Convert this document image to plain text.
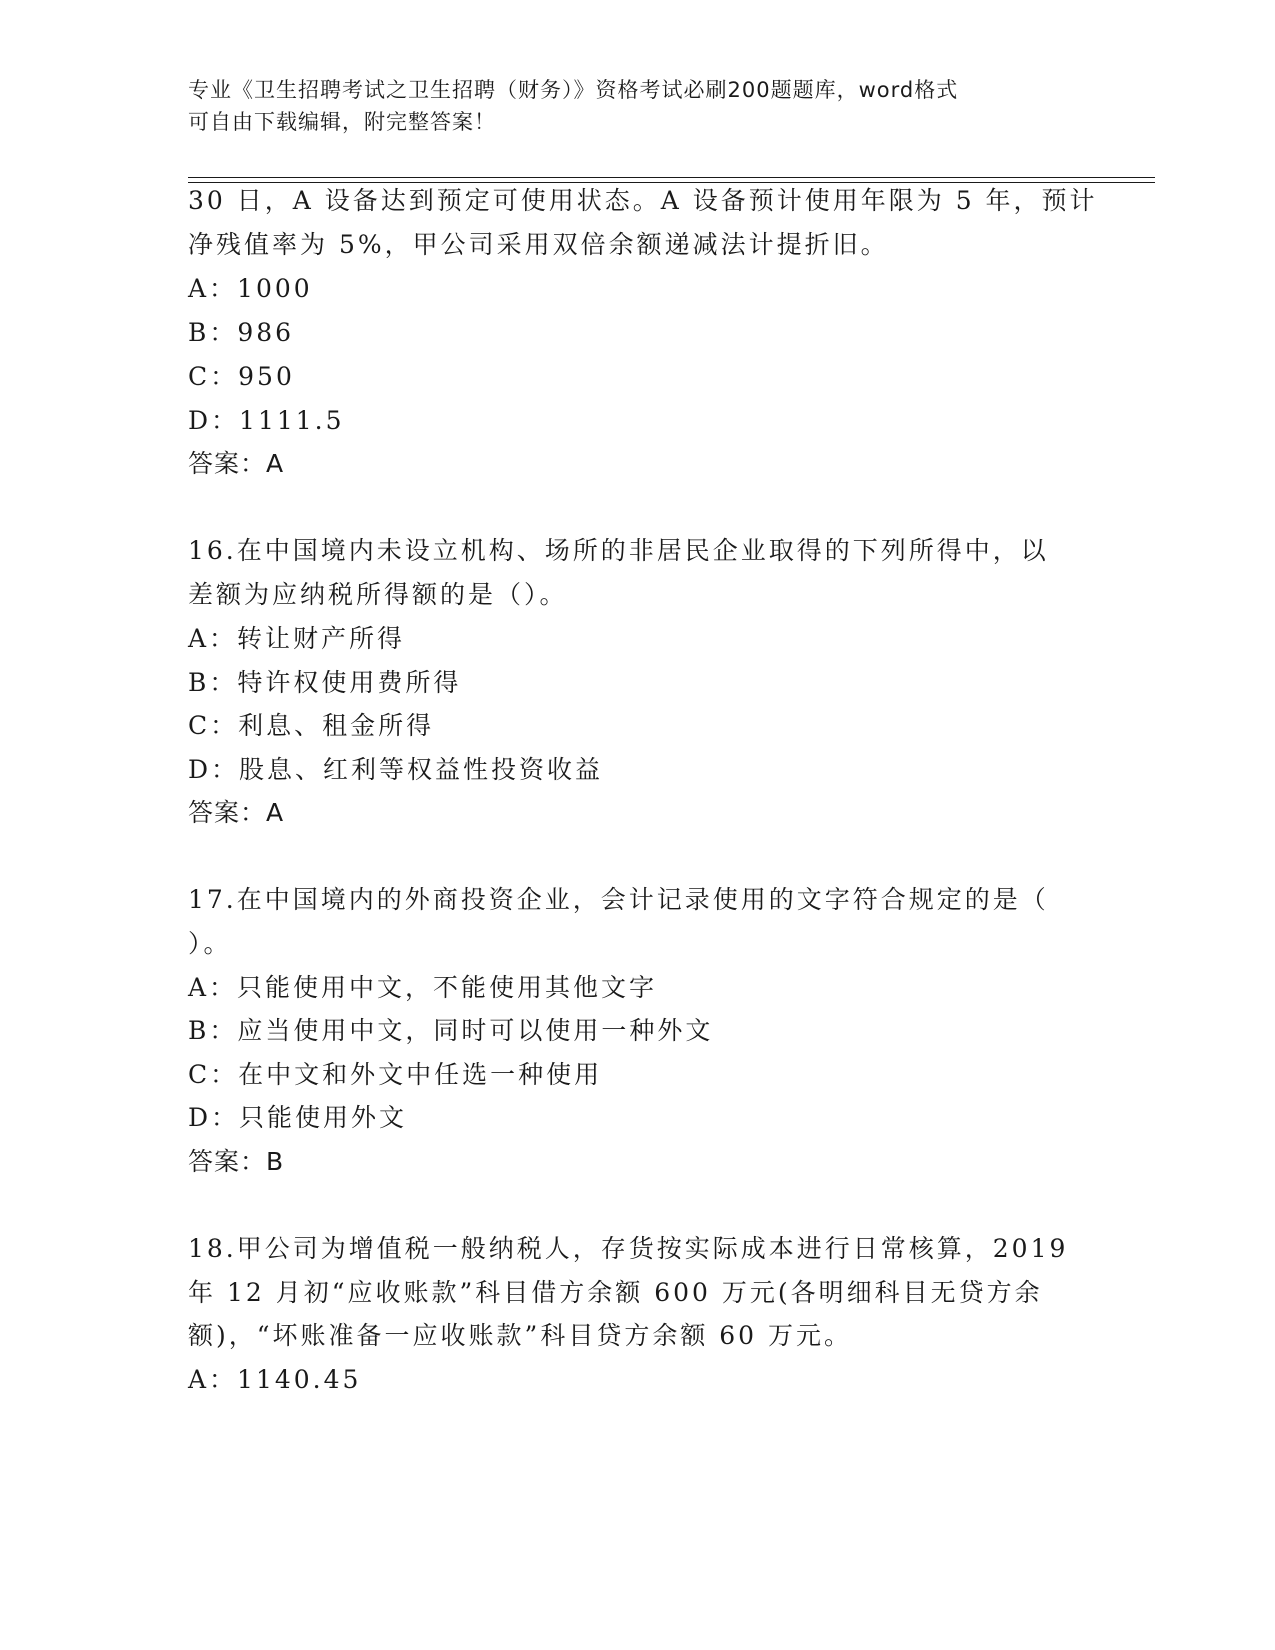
专业《卫生招聘考试之卫生招聘（财务）》资格考试必刷200题题库，word格式
可自由下载编辑，附完整答案！
30 日，A 设备达到预定可使用状态。A 设备预计使用年限为 5 年，预计
净残值率为 5%，甲公司采用双倍余额递减法计提折旧。
A：1000
B：986
C：950
D：1111.5
答案：A
16.在中国境内未设立机构、场所的非居民企业取得的下列所得中，以
差额为应纳税所得额的是（）。
A：转让财产所得
B：特许权使用费所得
C：利息、租金所得
D：股息、红利等权益性投资收益
答案：A
17.在中国境内的外商投资企业，会计记录使用的文字符合规定的是（
）。
A：只能使用中文，不能使用其他文字
B：应当使用中文，同时可以使用一种外文
C：在中文和外文中任选一种使用
D：只能使用外文
答案：B
18.甲公司为增值税一般纳税人，存货按实际成本进行日常核算，2019
年 12 月初“应收账款”科目借方余额 600 万元(各明细科目无贷方余
额)，“坏账准备一应收账款”科目贷方余额 60 万元。
A：1140.45
